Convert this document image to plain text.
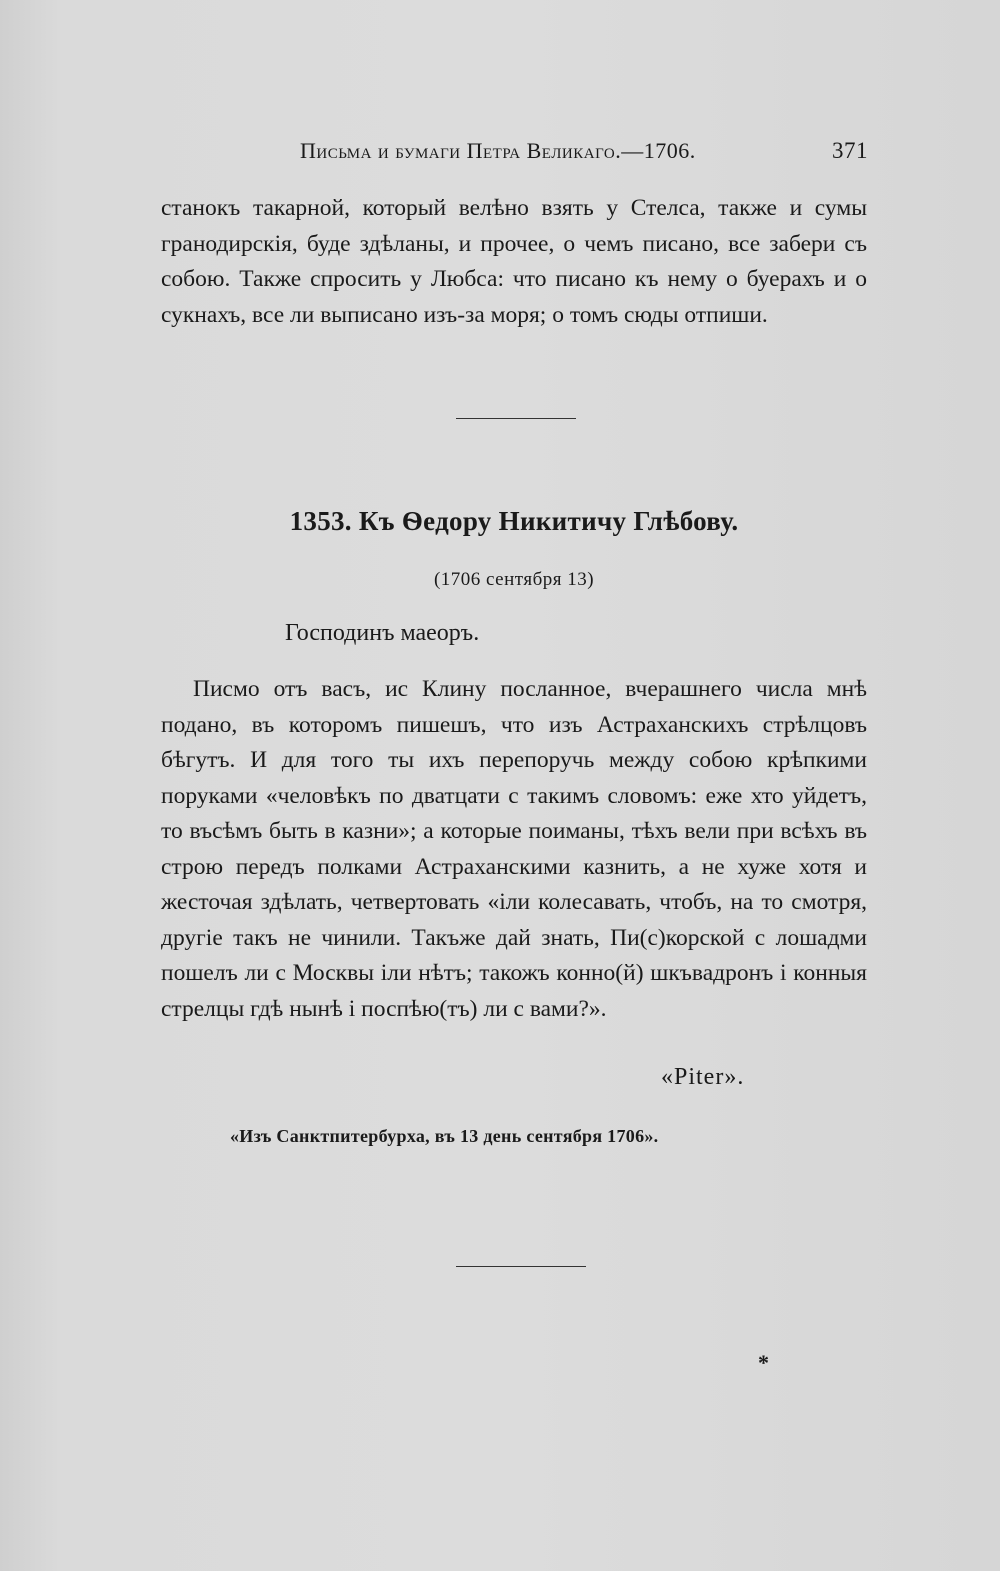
Письма и бумаги Петра Великаго.—1706.	371

станокъ такарной, который велѣно взять у Стелса, также и сумы гранодирскія, буде здѣланы, и прочее, о чемъ писано, все забери съ собою. Также спросить у Любса: что писано къ нему о буерахъ и о сукнахъ, все ли выписано изъ-за моря; о томъ сюды отпиши.

1353. Къ Ѳедору Никитичу Глѣбову.
(1706 сентября 13)
Господинъ маеоръ.

Писмо отъ васъ, ис Клину посланное, вчерашнего числа мнѣ подано, въ которомъ пишешъ, что изъ Астраханскихъ стрѣлцовъ бѣгутъ. И для того ты ихъ перепоручь между собою крѣпкими поруками «человѣкъ по дватцати с такимъ словомъ: еже хто уйдетъ, то въсѣмъ быть в казни»; а которые поиманы, тѣхъ вели при всѣхъ въ строю передъ полками Астраханскими казнить, а не хуже хотя и жесточая здѣлать, четвертовать «іли колесавать, чтобъ, на то смотря, другіе такъ не чинили. Такъже дай знать, Пи(с)корской с лошадми пошелъ ли с Москвы іли нѣтъ; такожъ конно(й) шкъвадронъ і конныя стрелцы гдѣ нынѣ і поспѣю(тъ) ли с вами?».

«Piter».
«Изъ Санктпитербурха, въ 13 день сентября 1706».
*
